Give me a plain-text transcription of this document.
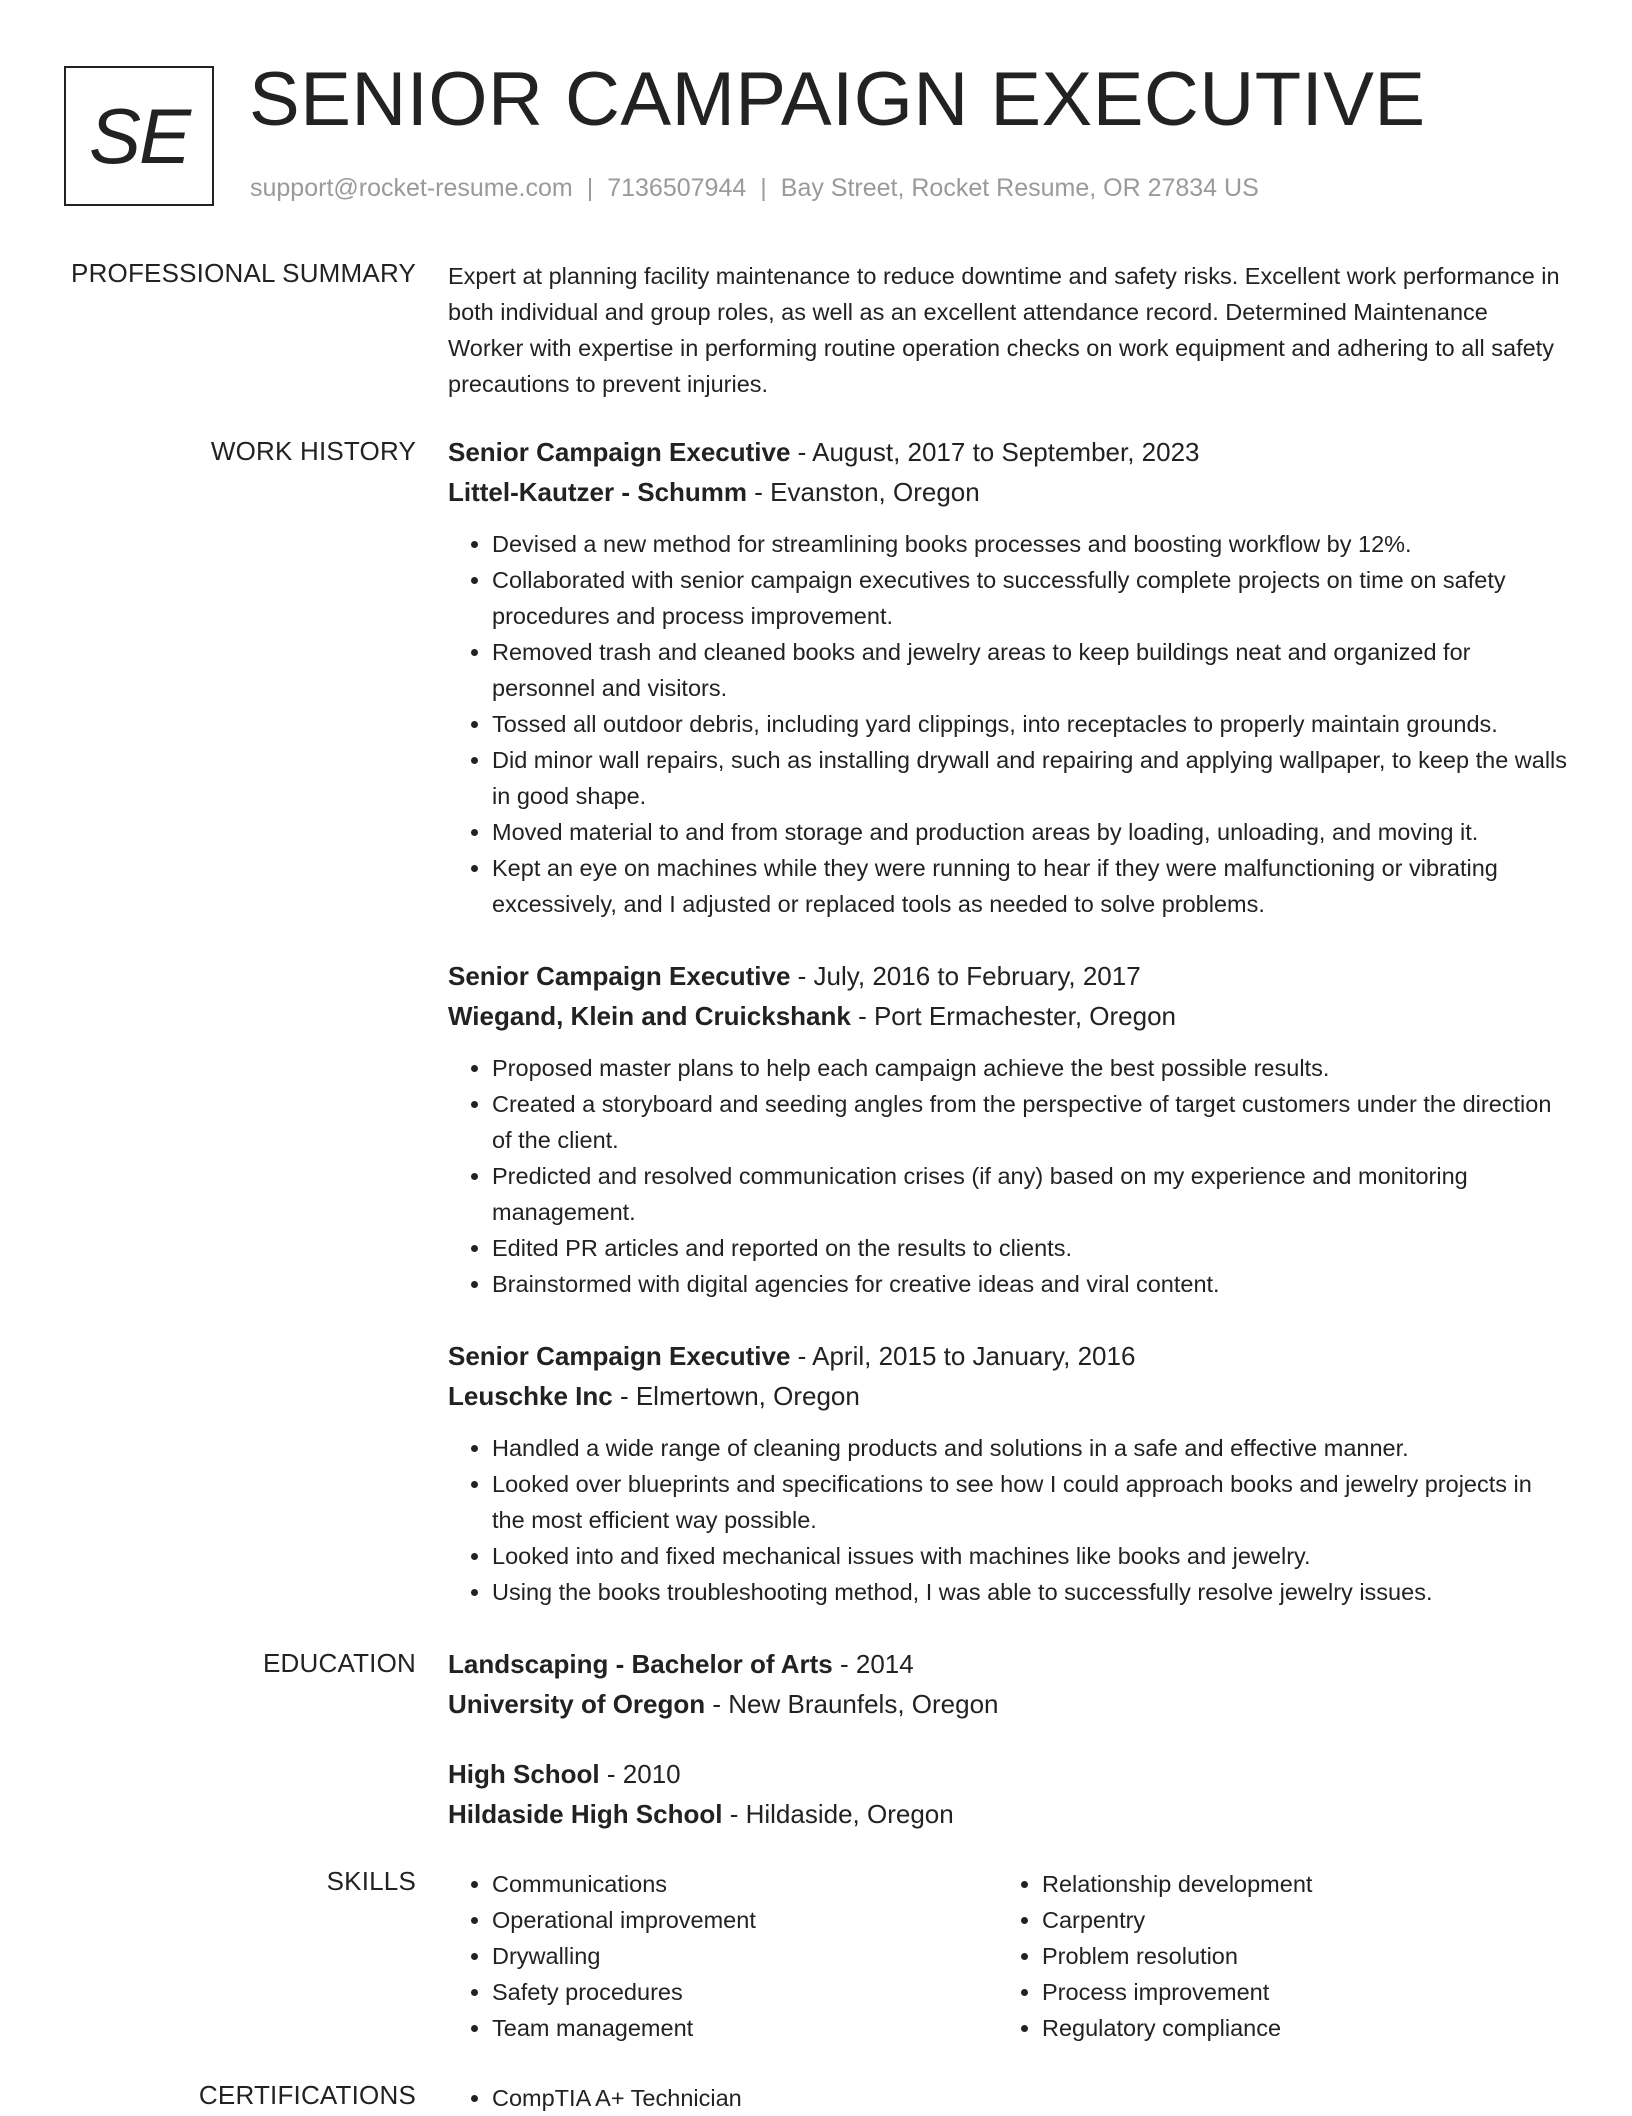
SE SENIOR CAMPAIGN EXECUTIVE
support@rocket-resume.com | 7136507944 | Bay Street, Rocket Resume, OR 27834 US
PROFESSIONAL SUMMARY Expert at planning facility maintenance to reduce downtime and safety risks. Excellent work performance in both individual and group roles, as well as an excellent attendance record. Determined Maintenance Worker with expertise in performing routine operation checks on work equipment and adhering to all safety precautions to prevent injuries.

WORK HISTORY Senior Campaign Executive - August, 2017 to September, 2023
Littel-Kautzer - Schumm - Evanston, Oregon
• Devised a new method for streamlining books processes and boosting workflow by 12%.
• Collaborated with senior campaign executives to successfully complete projects on time on safety procedures and process improvement.
• Removed trash and cleaned books and jewelry areas to keep buildings neat and organized for personnel and visitors.
• Tossed all outdoor debris, including yard clippings, into receptacles to properly maintain grounds.
• Did minor wall repairs, such as installing drywall and repairing and applying wallpaper, to keep the walls in good shape.
• Moved material to and from storage and production areas by loading, unloading, and moving it.
• Kept an eye on machines while they were running to hear if they were malfunctioning or vibrating excessively, and I adjusted or replaced tools as needed to solve problems.
Senior Campaign Executive - July, 2016 to February, 2017
Wiegand, Klein and Cruickshank - Port Ermachester, Oregon
• Proposed master plans to help each campaign achieve the best possible results.
• Created a storyboard and seeding angles from the perspective of target customers under the direction of the client.
• Predicted and resolved communication crises (if any) based on my experience and monitoring management.
• Edited PR articles and reported on the results to clients.
• Brainstormed with digital agencies for creative ideas and viral content.
Senior Campaign Executive - April, 2015 to January, 2016
Leuschke Inc - Elmertown, Oregon
• Handled a wide range of cleaning products and solutions in a safe and effective manner.
• Looked over blueprints and specifications to see how I could approach books and jewelry projects in the most efficient way possible.
• Looked into and fixed mechanical issues with machines like books and jewelry.
• Using the books troubleshooting method, I was able to successfully resolve jewelry issues.
EDUCATION Landscaping - Bachelor of Arts - 2014
University of Oregon - New Braunfels, Oregon
High School - 2010
Hildaside High School - Hildaside, Oregon
SKILLS	• Communications
• Operational improvement
• Drywalling
• Safety procedures
• Team management
• Relationship development
• Carpentry
• Problem resolution
• Process improvement
• Regulatory compliance
CERTIFICATIONS	• CompTIA A+ Technician
